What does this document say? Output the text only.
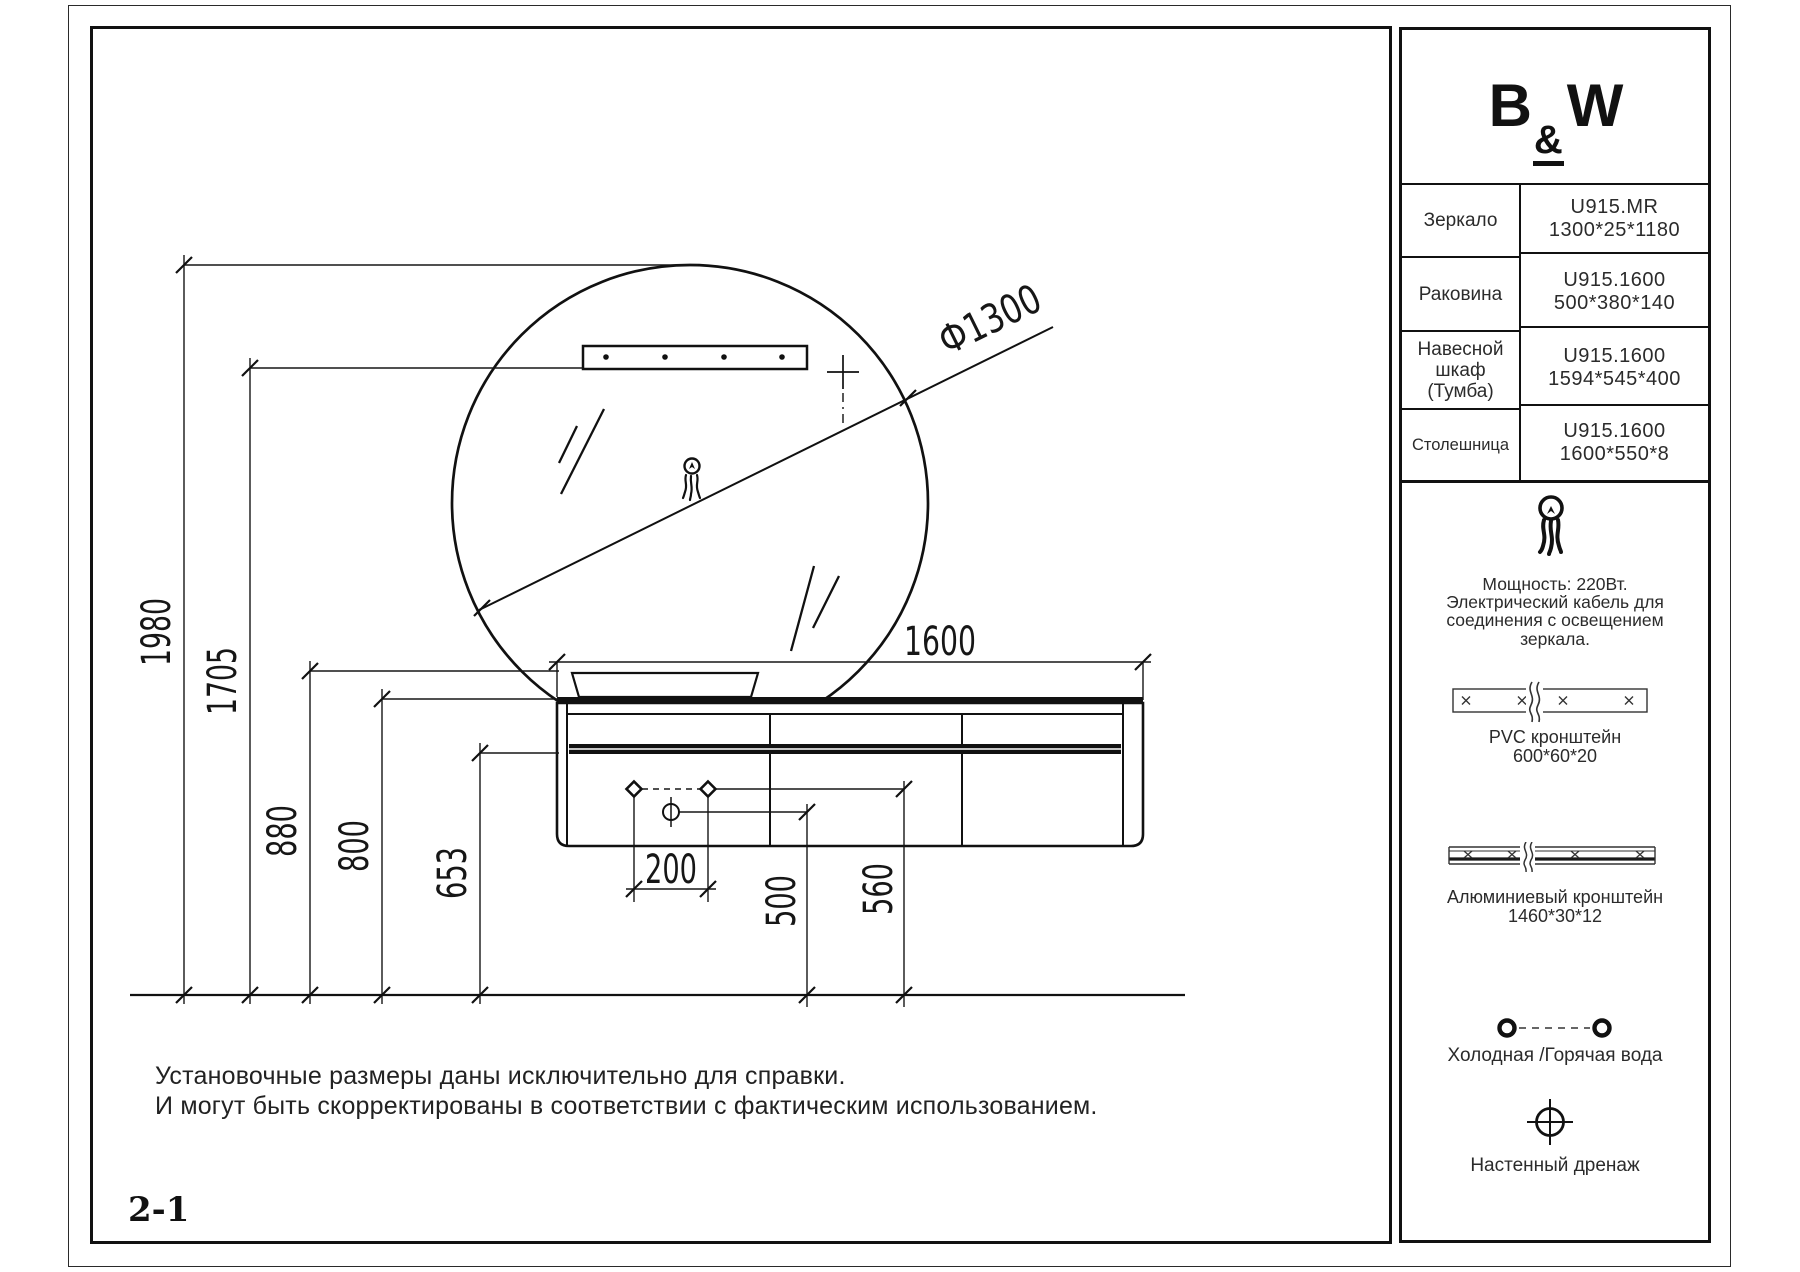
B
&
W
Зеркало
U915.MR
1300*25*1180
Раковина
U915.1600
500*380*140
Навесной шкаф (Тумба)
U915.1600
1594*545*400
Столешница
U915.1600
1600*550*8
Мощность: 220Вт.
Электрический кабель для
соединения с освещением
зеркала.
PVC кронштейн
600*60*20
Алюминиевый кронштейн
1460*30*12
Холодная /Горячая вода
Настенный дренаж
1980 1705
880 800 653	500 560
200
1600
Ф1300
Установочные размеры даны исключительно для справки.
И могут быть скорректированы в соответствии с фактическим использованием.
2-1
